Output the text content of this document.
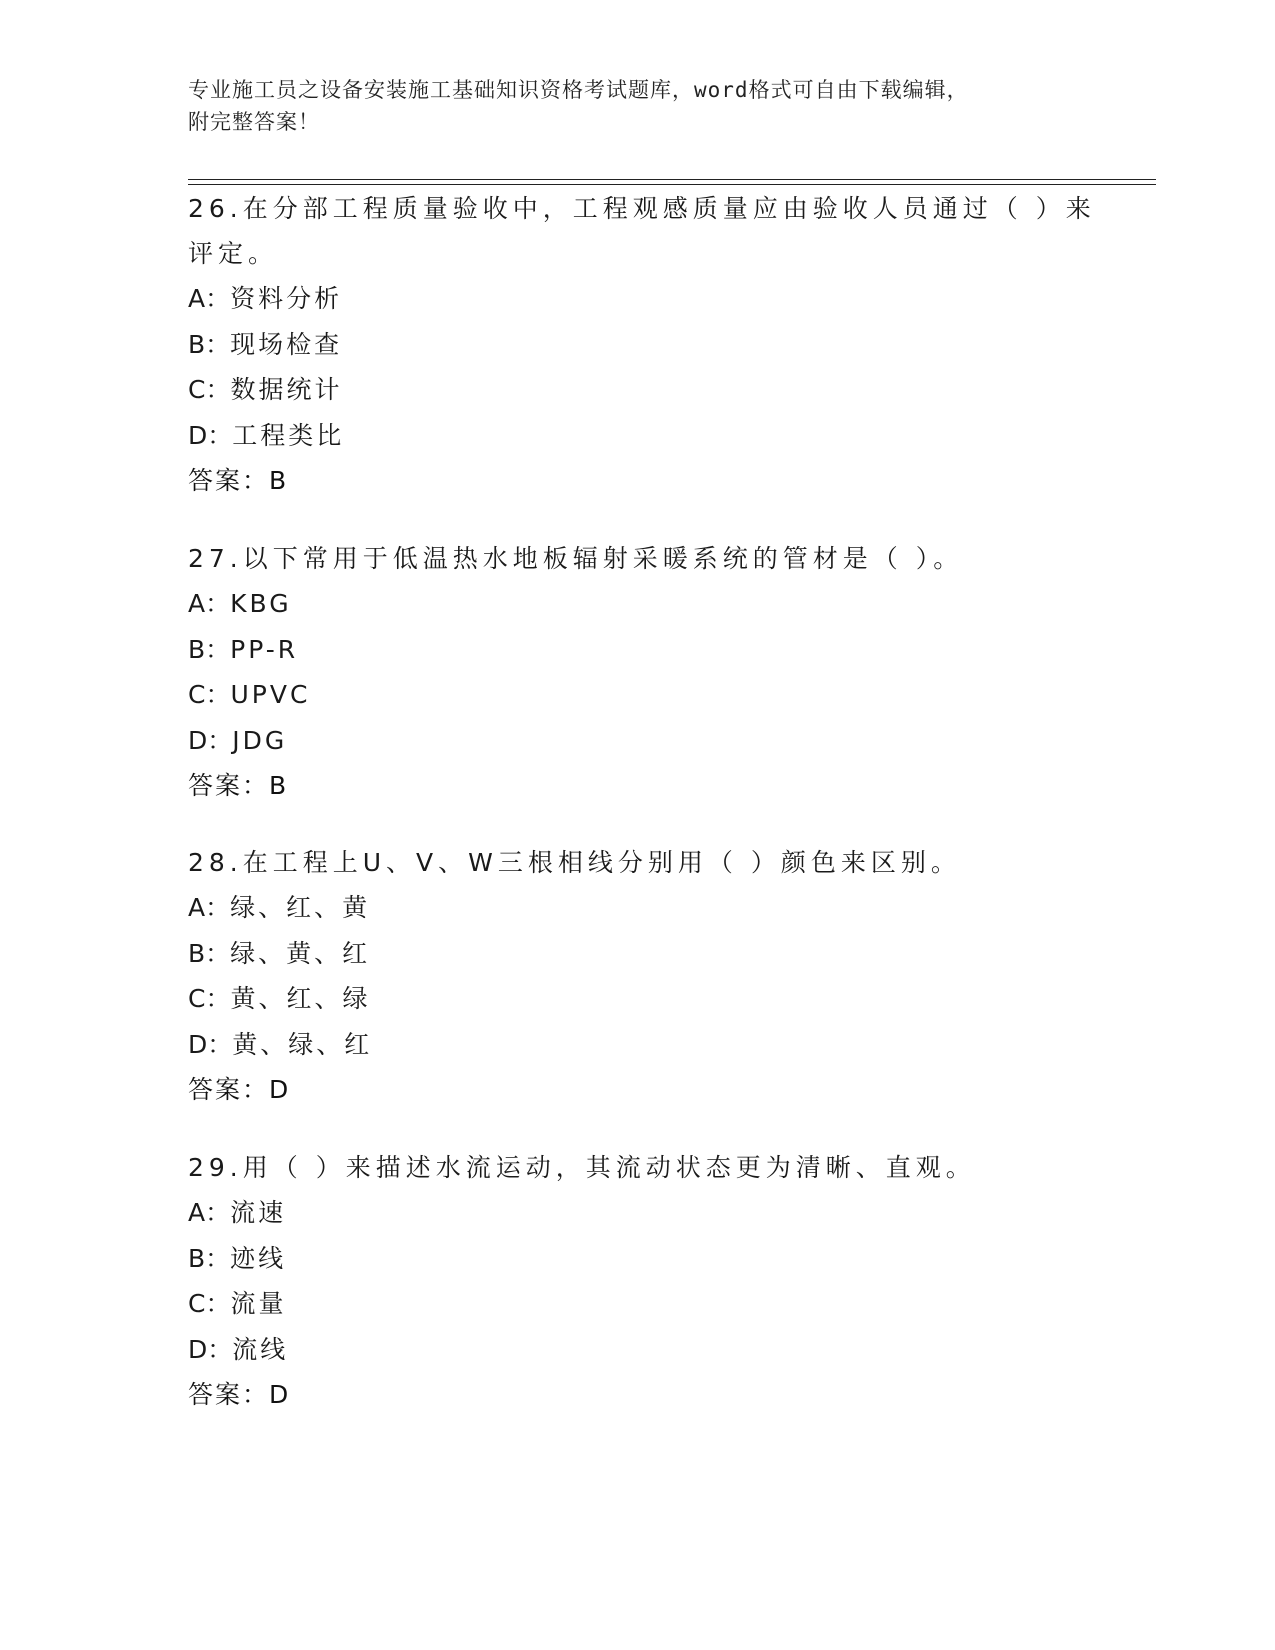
专业施工员之设备安装施工基础知识资格考试题库，word格式可自由下载编辑，
附完整答案！
26.在分部工程质量验收中，工程观感质量应由验收人员通过（ ）来
评定。
A：资料分析
B：现场检查
C：数据统计
D：工程类比
答案：B
27.以下常用于低温热水地板辐射采暖系统的管材是（ ）。
A：KBG
B：PP-R
C：UPVC
D：JDG
答案：B
28.在工程上U、V、W三根相线分别用（ ）颜色来区别。
A：绿、红、黄
B：绿、黄、红
C：黄、红、绿
D：黄、绿、红
答案：D
29.用（ ）来描述水流运动，其流动状态更为清晰、直观。
A：流速
B：迹线
C：流量
D：流线
答案：D
